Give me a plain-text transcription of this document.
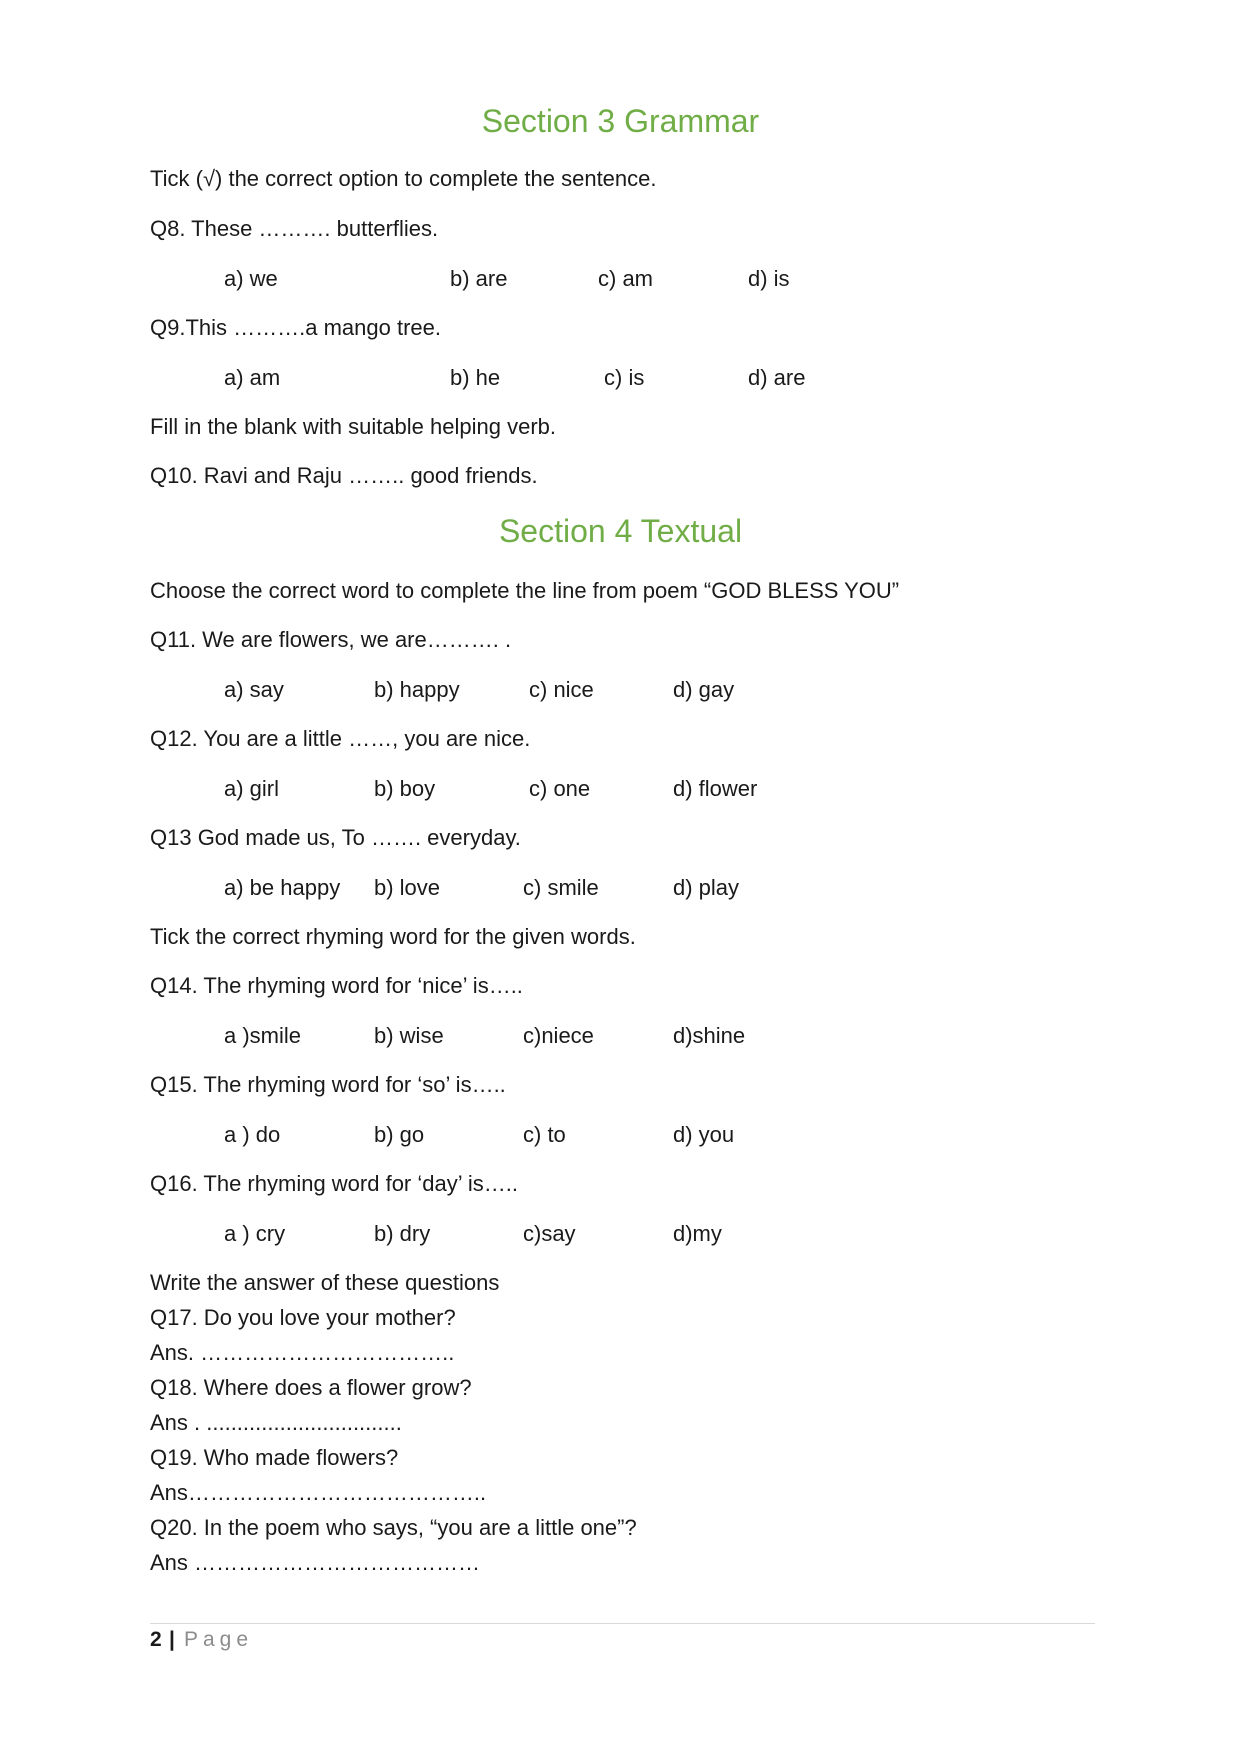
Section 3 Grammar
Tick (√) the correct option to complete the sentence.
Q8. These ………. butterflies.
a) we	b) are	c) am	d) is
Q9.This ……….a mango tree.
a) am	b) he	c) is	d) are
Fill in the blank with suitable helping verb.
Q10. Ravi and Raju …….. good friends.
Section 4 Textual
Choose the correct word to complete the line from poem “GOD BLESS YOU”
Q11. We are flowers, we are………. .
a) say	b) happy	c) nice	d) gay
Q12. You are a little ……, you are nice.
a) girl	b) boy	c) one	d) flower
Q13 God made us, To ……. everyday.
a) be happy b) love	c) smile	d) play
Tick the correct rhyming word for the given words.
Q14. The rhyming word for ‘nice’ is…..
a )smile	b) wise	c)niece	d)shine
Q15. The rhyming word for ‘so’ is…..
a ) do	b) go	c) to	d) you
Q16. The rhyming word for ‘day’ is…..
a ) cry	b) dry	c)say	d)my
Write the answer of these questions
Q17. Do you love your mother?
Ans. ……………………………..
Q18. Where does a flower grow?
Ans . ................................
Q19. Who made flowers?
Ans…………………………………..
Q20. In the poem who says, “you are a little one”?
Ans …………………………………
2 | Page
